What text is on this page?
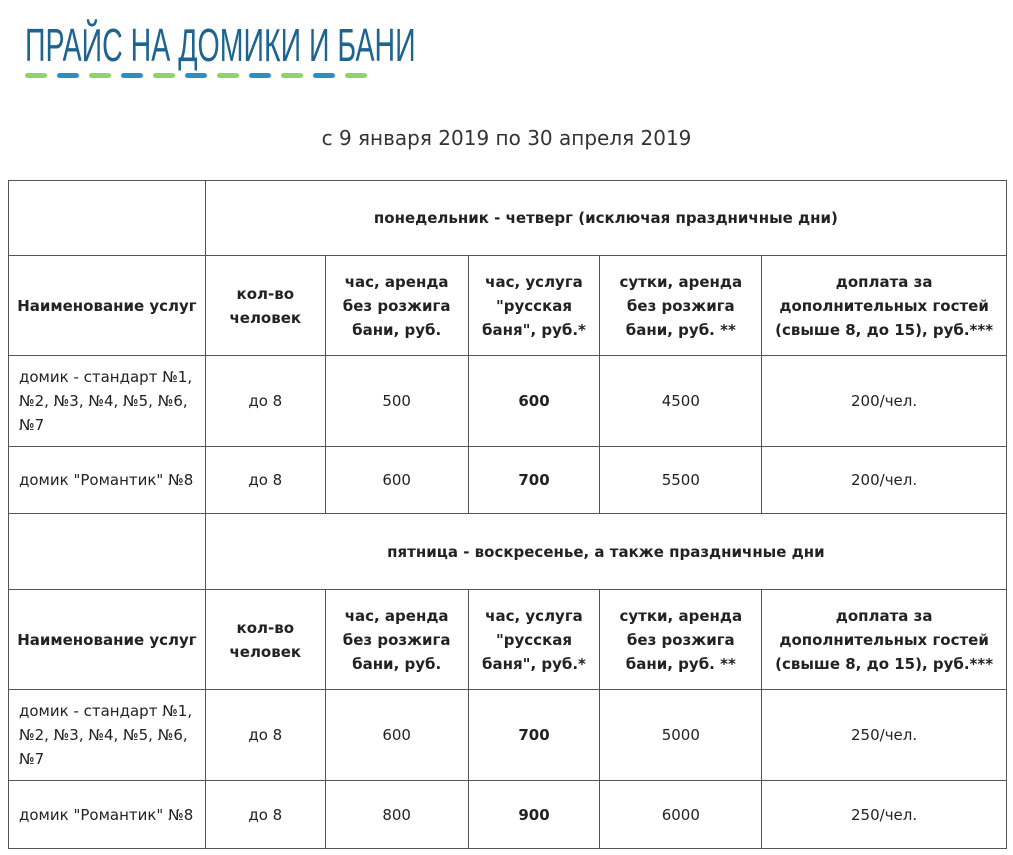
ПРАЙС НА ДОМИКИ И БАНИ
с 9 января 2019 по 30 апреля 2019
	понедельник - четверг (исключая праздничные дни)				
Наименование услуг	кол-во человек	час, аренда без розжига бани, руб.	час, услуга "русская баня", руб.*	сутки, аренда без розжига бани, руб. **	доплата за дополнительных гостей (свыше 8, до 15), руб.***
домик - стандарт №1, №2, №3, №4, №5, №6, №7	до 8	500	600	4500	200/чел.
домик "Романтик" №8	до 8	600	700	5500	200/чел.
	пятница - воскресенье, а также праздничные дни				
Наименование услуг	кол-во человек	час, аренда без розжига бани, руб.	час, услуга "русская баня", руб.*	сутки, аренда без розжига бани, руб. **	доплата за дополнительных гостей (свыше 8, до 15), руб.***
домик - стандарт №1, №2, №3, №4, №5, №6, №7	до 8	600	700	5000	250/чел.
домик "Романтик" №8	до 8	800	900	6000	250/чел.
